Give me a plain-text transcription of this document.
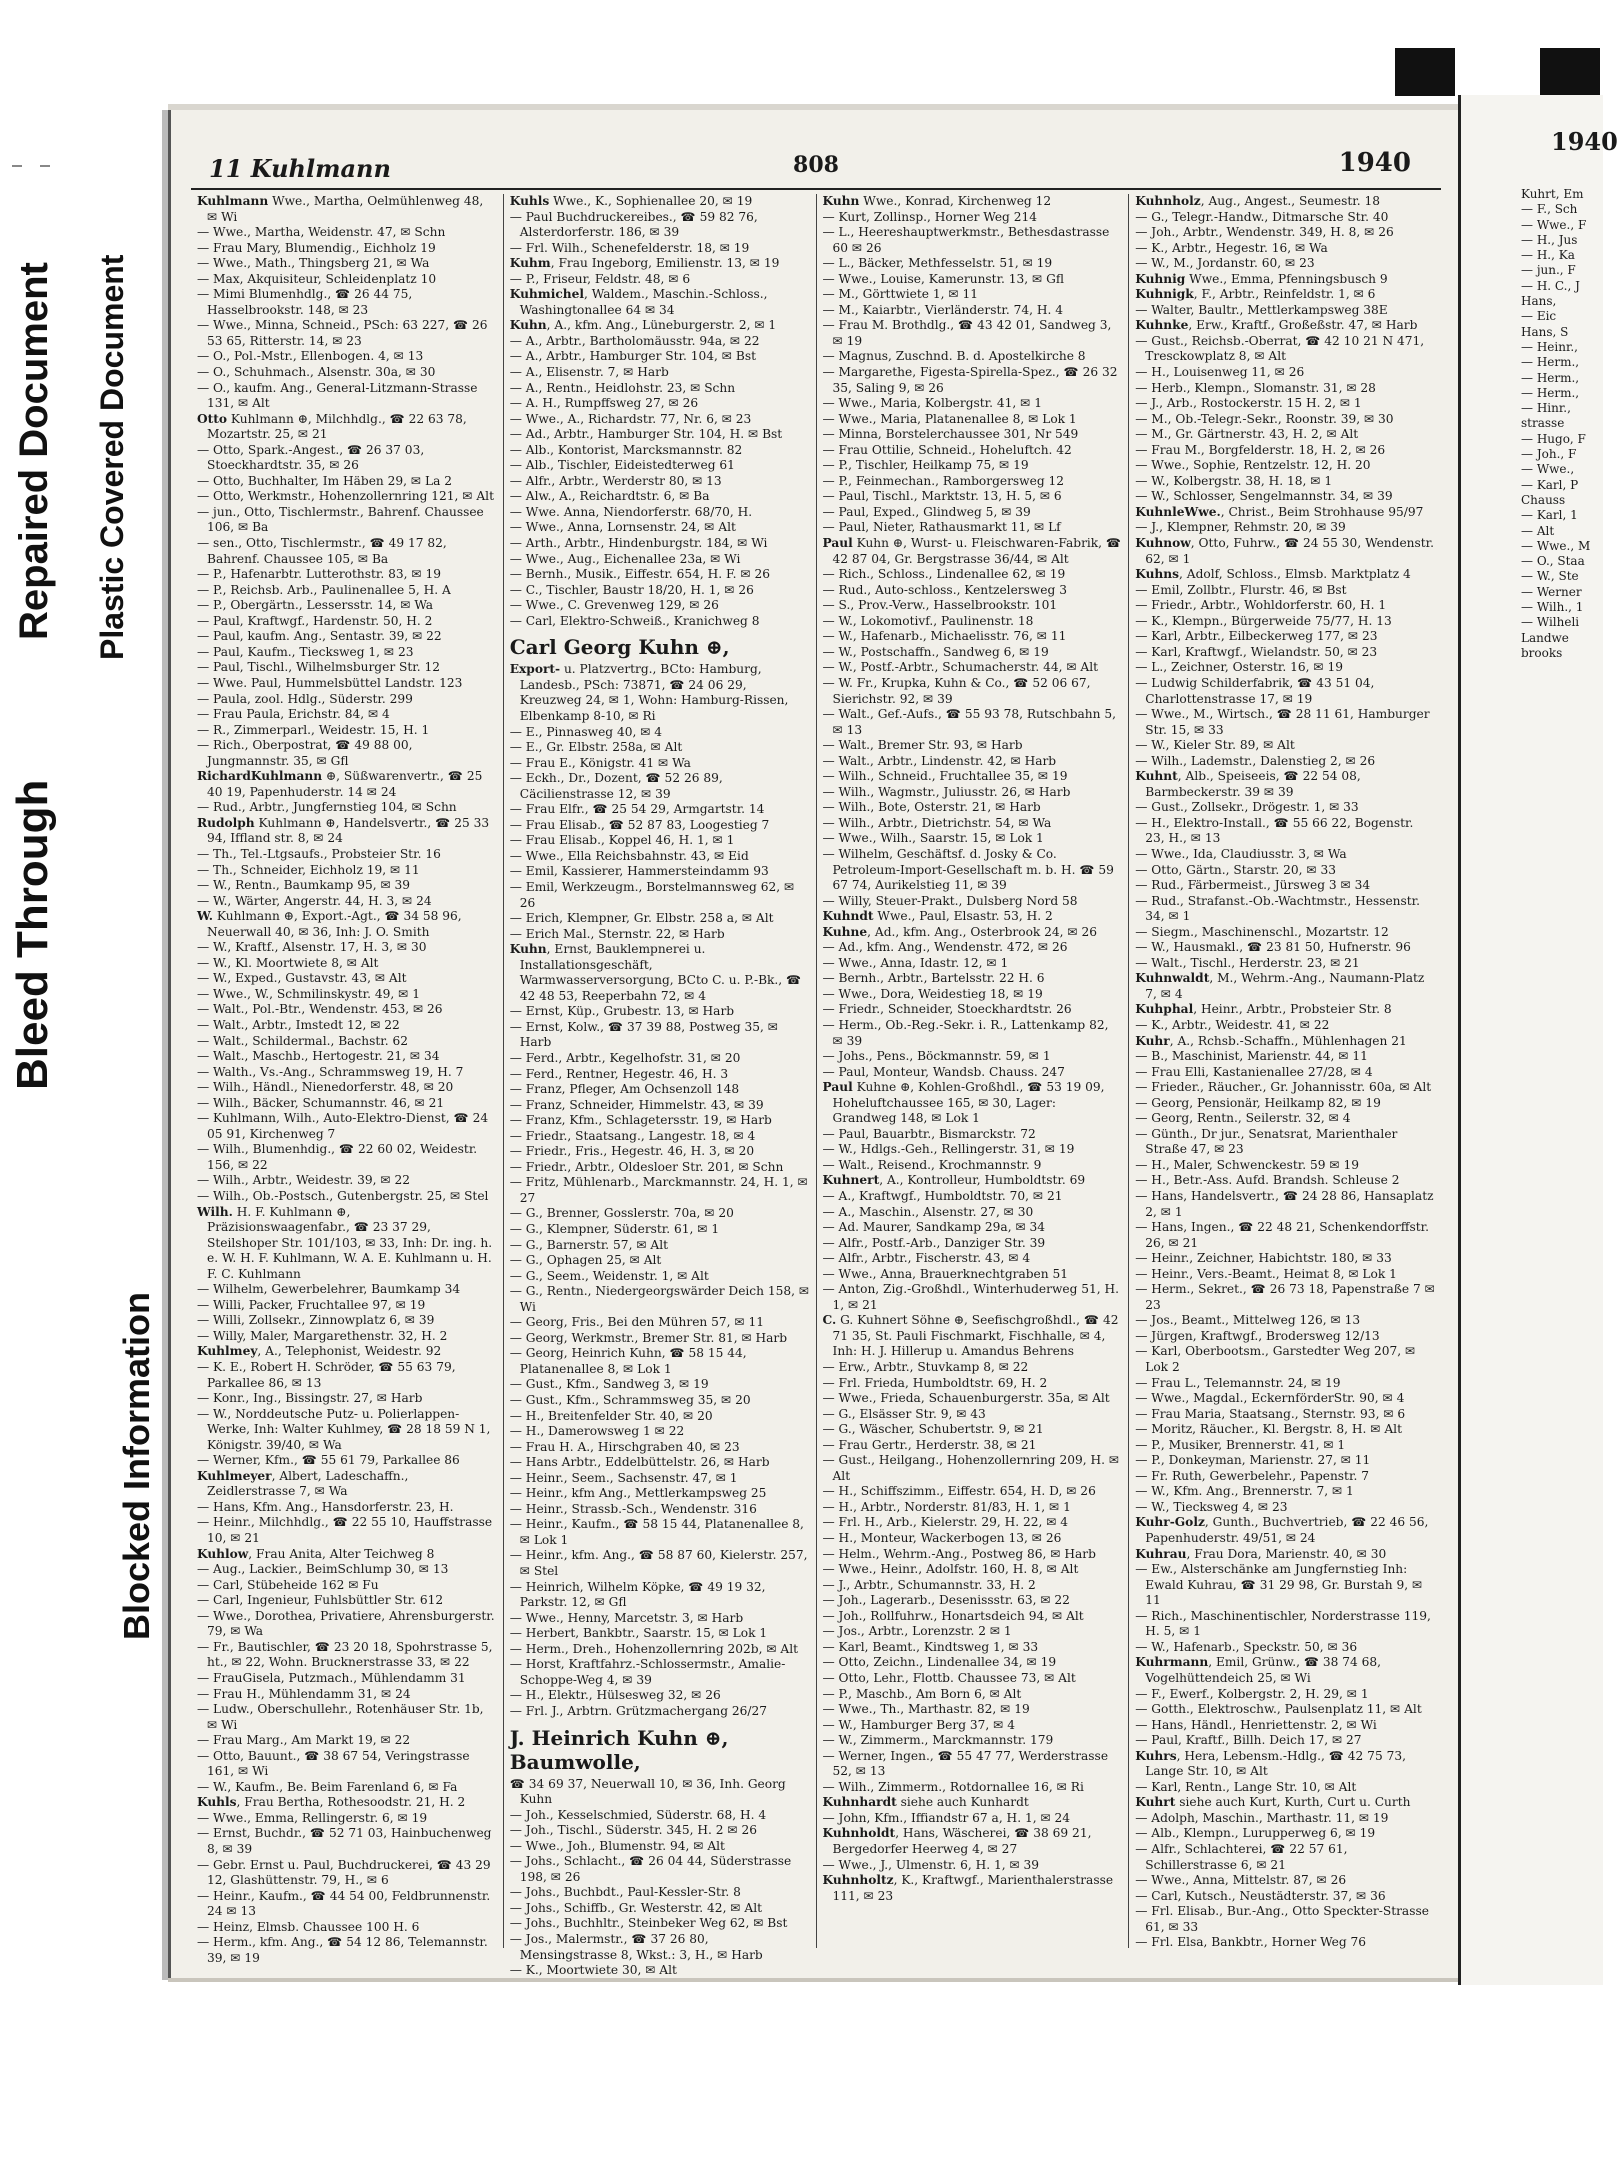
Bleed Through
Repaired Document Plastic Covered Document
Blocked Information
11 Kuhlmann	808	1940
Kuhlmann Wwe., Martha, Oelmühlenweg 48, ✉ Wi
— Wwe., Martha, Weidenstr. 47, ✉ Schn
— Frau Mary, Blumendig., Eichholz 19
— Wwe., Math., Thingsberg 21, ✉ Wa
— Max, Akquisiteur, Schleidenplatz 10
— Mimi Blumenhdlg., ☎ 26 44 75, Hasselbrookstr. 148, ✉ 23
— Wwe., Minna, Schneid., PSch: 63 227, ☎ 26 53 65, Ritterstr. 14, ✉ 23
— O., Pol.-Mstr., Ellenbogen. 4, ✉ 13
— O., Schuhmach., Alsenstr. 30a, ✉ 30
— O., kaufm. Ang., General-Litzmann-Strasse 131, ✉ Alt
Otto Kuhlmann ⊕, Milchhdlg., ☎ 22 63 78, Mozartstr. 25, ✉ 21
— Otto, Spark.-Angest., ☎ 26 37 03, Stoeckhardtstr. 35, ✉ 26
— Otto, Buchhalter, Im Häben 29, ✉ La 2
— Otto, Werkmstr., Hohenzollernring 121, ✉ Alt
— jun., Otto, Tischlermstr., Bahrenf. Chaussee 106, ✉ Ba
— sen., Otto, Tischlermstr., ☎ 49 17 82, Bahrenf. Chaussee 105, ✉ Ba
— P., Hafenarbtr. Lutterothstr. 83, ✉ 19
— P., Reichsb. Arb., Paulinenallee 5, H. A
— P., Obergärtn., Lessersstr. 14, ✉ Wa
— Paul, Kraftwgf., Hardenstr. 50, H. 2
— Paul, kaufm. Ang., Sentastr. 39, ✉ 22
— Paul, Kaufm., Tiecksweg 1, ✉ 23
— Paul, Tischl., Wilhelmsburger Str. 12
— Wwe. Paul, Hummelsbüttel Landstr. 123
— Paula, zool. Hdlg., Süderstr. 299
— Frau Paula, Erichstr. 84, ✉ 4
— R., Zimmerparl., Weidestr. 15, H. 1
— Rich., Oberpostrat, ☎ 49 88 00, Jungmannstr. 35, ✉ Gfl
RichardKuhlmann ⊕, Süßwarenvertr., ☎ 25 40 19, Papenhuderstr. 14 ✉ 24
— Rud., Arbtr., Jungfernstieg 104, ✉ Schn
Rudolph Kuhlmann ⊕, Handelsvertr., ☎ 25 33 94, Iffland str. 8, ✉ 24
— Th., Tel.-Ltgsaufs., Probsteier Str. 16
— Th., Schneider, Eichholz 19, ✉ 11
— W., Rentn., Baumkamp 95, ✉ 39
— W., Wärter, Angerstr. 44, H. 3, ✉ 24
W. Kuhlmann ⊕, Export.-Agt., ☎ 34 58 96, Neuerwall 40, ✉ 36, Inh: J. O. Smith
— W., Kraftf., Alsenstr. 17, H. 3, ✉ 30
— W., Kl. Moortwiete 8, ✉ Alt
— W., Exped., Gustavstr. 43, ✉ Alt
— Wwe., W., Schmilinskystr. 49, ✉ 1
— Walt., Pol.-Btr., Wendenstr. 453, ✉ 26
— Walt., Arbtr., Imstedt 12, ✉ 22
— Walt., Schildermal., Bachstr. 62
— Walt., Maschb., Hertogestr. 21, ✉ 34
— Walth., Vs.-Ang., Schrammsweg 19, H. 7
— Wilh., Händl., Nienedorferstr. 48, ✉ 20
— Wilh., Bäcker, Schumannstr. 46, ✉ 21
— Kuhlmann, Wilh., Auto-Elektro-Dienst, ☎ 24 05 91, Kirchenweg 7
— Wilh., Blumenhdig., ☎ 22 60 02, Weidestr. 156, ✉ 22
— Wilh., Arbtr., Weidestr. 39, ✉ 22
— Wilh., Ob.-Postsch., Gutenbergstr. 25, ✉ Stel
Wilh. H. F. Kuhlmann ⊕, Präzisionswaagenfabr., ☎ 23 37 29, Steilshoper Str. 101/103, ✉ 33, Inh: Dr. ing. h. e. W. H. F. Kuhlmann, W. A. E. Kuhlmann u. H. F. C. Kuhlmann
— Wilhelm, Gewerbelehrer, Baumkamp 34
— Willi, Packer, Fruchtallee 97, ✉ 19
— Willi, Zollsekr., Zinnowplatz 6, ✉ 39
— Willy, Maler, Margarethenstr. 32, H. 2
Kuhlmey, A., Telephonist, Weidestr. 92
— K. E., Robert H. Schröder, ☎ 55 63 79, Parkallee 86, ✉ 13
— Konr., Ing., Bissingstr. 27, ✉ Harb
— W., Norddeutsche Putz- u. Polierlappen-Werke, Inh: Walter Kuhlmey, ☎ 28 18 59 N 1, Königstr. 39/40, ✉ Wa
— Werner, Kfm., ☎ 55 61 79, Parkallee 86
Kuhlmeyer, Albert, Ladeschaffn., Zeidlerstrasse 7, ✉ Wa
— Hans, Kfm. Ang., Hansdorferstr. 23, H.
— Heinr., Milchhdlg., ☎ 22 55 10, Hauffstrasse 10, ✉ 21
Kuhlow, Frau Anita, Alter Teichweg 8
— Aug., Lackier., BeimSchlump 30, ✉ 13
— Carl, Stübeheide 162 ✉ Fu
— Carl, Ingenieur, Fuhlsbüttler Str. 612
— Wwe., Dorothea, Privatiere, Ahrensburgerstr. 79, ✉ Wa
— Fr., Bautischler, ☎ 23 20 18, Spohrstrasse 5, ht., ✉ 22, Wohn. Brucknerstrasse 33, ✉ 22
— FrauGisela, Putzmach., Mühlendamm 31
— Frau H., Mühlendamm 31, ✉ 24
— Ludw., Oberschullehr., Rotenhäuser Str. 1b, ✉ Wi
— Frau Marg., Am Markt 19, ✉ 22
— Otto, Bauunt., ☎ 38 67 54, Veringstrasse 161, ✉ Wi
— W., Kaufm., Be. Beim Farenland 6, ✉ Fa
Kuhls, Frau Bertha, Rothesoodstr. 21, H. 2
— Wwe., Emma, Rellingerstr. 6, ✉ 19
— Ernst, Buchdr., ☎ 52 71 03, Hainbuchenweg 8, ✉ 39
— Gebr. Ernst u. Paul, Buchdruckerei, ☎ 43 29 12, Glashüttenstr. 79, H., ✉ 6
— Heinr., Kaufm., ☎ 44 54 00, Feldbrunnenstr. 24 ✉ 13
— Heinz, Elmsb. Chaussee 100 H. 6
— Herm., kfm. Ang., ☎ 54 12 86, Telemannstr. 39, ✉ 19
Kuhls Wwe., K., Sophienallee 20, ✉ 19
— Paul Buchdruckereibes., ☎ 59 82 76, Alsterdorferstr. 186, ✉ 39
— Frl. Wilh., Schenefelderstr. 18, ✉ 19
Kuhm, Frau Ingeborg, Emilienstr. 13, ✉ 19
— P., Friseur, Feldstr. 48, ✉ 6
Kuhmichel, Waldem., Maschin.-Schloss., Washingtonallee 64 ✉ 34
Kuhn, A., kfm. Ang., Lüneburgerstr. 2, ✉ 1
— A., Arbtr., Bartholomäusstr. 94a, ✉ 22
— A., Arbtr., Hamburger Str. 104, ✉ Bst
— A., Elisenstr. 7, ✉ Harb
— A., Rentn., Heidlohstr. 23, ✉ Schn
— A. H., Rumpffsweg 27, ✉ 26
— Wwe., A., Richardstr. 77, Nr. 6, ✉ 23
— Ad., Arbtr., Hamburger Str. 104, H. ✉ Bst
— Alb., Kontorist, Marcksmannstr. 82
— Alb., Tischler, Eideistedterweg 61
— Alfr., Arbtr., Werderstr 80, ✉ 13
— Alw., A., Reichardtstr. 6, ✉ Ba
— Wwe. Anna, Niendorferstr. 68/70, H.
— Wwe., Anna, Lornsenstr. 24, ✉ Alt
— Arth., Arbtr., Hindenburgstr. 184, ✉ Wi
— Wwe., Aug., Eichenallee 23a, ✉ Wi
— Bernh., Musik., Eiffestr. 654, H. F. ✉ 26
— C., Tischler, Baustr 18/20, H. 1, ✉ 26
— Wwe., C. Grevenweg 129, ✉ 26
— Carl, Elektro-Schweiß., Kranichweg 8
Carl Georg Kuhn ⊕,
Export- u. Platzvertrg., BCto: Hamburg, Landesb., PSch: 73871, ☎ 24 06 29, Kreuzweg 24, ✉ 1, Wohn: Hamburg-Rissen, Elbenkamp 8-10, ✉ Ri
— E., Pinnasweg 40, ✉ 4
— E., Gr. Elbstr. 258a, ✉ Alt
— Frau E., Königstr. 41 ✉ Wa
— Eckh., Dr., Dozent, ☎ 52 26 89, Cäcilienstrasse 12, ✉ 39
— Frau Elfr., ☎ 25 54 29, Armgartstr. 14
— Frau Elisab., ☎ 52 87 83, Loogestieg 7
— Frau Elisab., Koppel 46, H. 1, ✉ 1
— Wwe., Ella Reichsbahnstr. 43, ✉ Eid
— Emil, Kassierer, Hammersteindamm 93
— Emil, Werkzeugm., Borstelmannsweg 62, ✉ 26
— Erich, Klempner, Gr. Elbstr. 258 a, ✉ Alt
— Erich Mal., Sternstr. 22, ✉ Harb
Kuhn, Ernst, Bauklempnerei u. Installationsgeschäft, Warmwasserversorgung, BCto C. u. P.-Bk., ☎ 42 48 53, Reeperbahn 72, ✉ 4
— Ernst, Küp., Grubestr. 13, ✉ Harb
— Ernst, Kolw., ☎ 37 39 88, Postweg 35, ✉ Harb
— Ferd., Arbtr., Kegelhofstr. 31, ✉ 20
— Ferd., Rentner, Hegestr. 46, H. 3
— Franz, Pfleger, Am Ochsenzoll 148
— Franz, Schneider, Himmelstr. 43, ✉ 39
— Franz, Kfm., Schlagetersstr. 19, ✉ Harb
— Friedr., Staatsang., Langestr. 18, ✉ 4
— Friedr., Fris., Hegestr. 46, H. 3, ✉ 20
— Friedr., Arbtr., Oldesloer Str. 201, ✉ Schn
— Fritz, Mühlenarb., Marckmannstr. 24, H. 1, ✉ 27
— G., Brenner, Gosslerstr. 70a, ✉ 20
— G., Klempner, Süderstr. 61, ✉ 1
— G., Barnerstr. 57, ✉ Alt
— G., Ophagen 25, ✉ Alt
— G., Seem., Weidenstr. 1, ✉ Alt
— G., Rentn., Niedergeorgswärder Deich 158, ✉ Wi
— Georg, Fris., Bei den Mühren 57, ✉ 11
— Georg, Werkmstr., Bremer Str. 81, ✉ Harb
— Georg, Heinrich Kuhn, ☎ 58 15 44, Platanenallee 8, ✉ Lok 1
— Gust., Kfm., Sandweg 3, ✉ 19
— Gust., Kfm., Schrammsweg 35, ✉ 20
— H., Breitenfelder Str. 40, ✉ 20
— H., Damerowsweg 1 ✉ 22
— Frau H. A., Hirschgraben 40, ✉ 23
— Hans Arbtr., Eddelbüttelstr. 26, ✉ Harb
— Heinr., Seem., Sachsenstr. 47, ✉ 1
— Heinr., kfm Ang., Mettlerkampsweg 25
— Heinr., Strassb.-Sch., Wendenstr. 316
— Heinr., Kaufm., ☎ 58 15 44, Platanenallee 8, ✉ Lok 1
— Heinr., kfm. Ang., ☎ 58 87 60, Kielerstr. 257, ✉ Stel
— Heinrich, Wilhelm Köpke, ☎ 49 19 32, Parkstr. 12, ✉ Gfl
— Wwe., Henny, Marcetstr. 3, ✉ Harb
— Herbert, Bankbtr., Saarstr. 15, ✉ Lok 1
— Herm., Dreh., Hohenzollernring 202b, ✉ Alt
— Horst, Kraftfahrz.-Schlossermstr., Amalie-Schoppe-Weg 4, ✉ 39
— H., Elektr., Hülsesweg 32, ✉ 26
— Frl. J., Arbtrn. Grützmachergang 26/27
J. Heinrich Kuhn ⊕, Baumwolle,
☎ 34 69 37, Neuerwall 10, ✉ 36, Inh. Georg Kuhn
— Joh., Kesselschmied, Süderstr. 68, H. 4
— Joh., Tischl., Süderstr. 345, H. 2 ✉ 26
— Wwe., Joh., Blumenstr. 94, ✉ Alt
— Johs., Schlacht., ☎ 26 04 44, Süderstrasse 198, ✉ 26
— Johs., Buchbdt., Paul-Kessler-Str. 8
— Johs., Schiffb., Gr. Westerstr. 42, ✉ Alt
— Johs., Buchhltr., Steinbeker Weg 62, ✉ Bst
— Jos., Malermstr., ☎ 37 26 80, Mensingstrasse 8, Wkst.: 3, H., ✉ Harb
— K., Moortwiete 30, ✉ Alt
Kuhn Wwe., Konrad, Kirchenweg 12
— Kurt, Zollinsp., Horner Weg 214
— L., Heereshauptwerkmstr., Bethesdastrasse 60 ✉ 26
— L., Bäcker, Methfesselstr. 51, ✉ 19
— Wwe., Louise, Kamerunstr. 13, ✉ Gfl
— M., Görttwiete 1, ✉ 11
— M., Kaiarbtr., Vierländerstr. 74, H. 4
— Frau M. Brothdlg., ☎ 43 42 01, Sandweg 3, ✉ 19
— Magnus, Zuschnd. B. d. Apostelkirche 8
— Margarethe, Figesta-Spirella-Spez., ☎ 26 32 35, Saling 9, ✉ 26
— Wwe., Maria, Kolbergstr. 41, ✉ 1
— Wwe., Maria, Platanenallee 8, ✉ Lok 1
— Minna, Borstelerchaussee 301, Nr 549
— Frau Ottilie, Schneid., Hoheluftch. 42
— P., Tischler, Heilkamp 75, ✉ 19
— P., Feinmechan., Ramborgersweg 12
— Paul, Tischl., Marktstr. 13, H. 5, ✉ 6
— Paul, Exped., Glindweg 5, ✉ 39
— Paul, Nieter, Rathausmarkt 11, ✉ Lf
Paul Kuhn ⊕, Wurst- u. Fleischwaren-Fabrik, ☎ 42 87 04, Gr. Bergstrasse 36/44, ✉ Alt
— Rich., Schloss., Lindenallee 62, ✉ 19
— Rud., Auto-schloss., Kentzelersweg 3
— S., Prov.-Verw., Hasselbrookstr. 101
— W., Lokomotivf., Paulinenstr. 18
— W., Hafenarb., Michaelisstr. 76, ✉ 11
— W., Postschaffn., Sandweg 6, ✉ 19
— W., Postf.-Arbtr., Schumacherstr. 44, ✉ Alt
— W. Fr., Krupka, Kuhn & Co., ☎ 52 06 67, Sierichstr. 92, ✉ 39
— Walt., Gef.-Aufs., ☎ 55 93 78, Rutschbahn 5, ✉ 13
— Walt., Bremer Str. 93, ✉ Harb
— Walt., Arbtr., Lindenstr. 42, ✉ Harb
— Wilh., Schneid., Fruchtallee 35, ✉ 19
— Wilh., Wagmstr., Juliusstr. 26, ✉ Harb
— Wilh., Bote, Osterstr. 21, ✉ Harb
— Wilh., Arbtr., Dietrichstr. 54, ✉ Wa
— Wwe., Wilh., Saarstr. 15, ✉ Lok 1
— Wilhelm, Geschäftsf. d. Josky & Co. Petroleum-Import-Gesellschaft m. b. H. ☎ 59 67 74, Aurikelstieg 11, ✉ 39
— Willy, Steuer-Prakt., Dulsberg Nord 58
Kuhndt Wwe., Paul, Elsastr. 53, H. 2
Kuhne, Ad., kfm. Ang., Osterbrook 24, ✉ 26
— Ad., kfm. Ang., Wendenstr. 472, ✉ 26
— Wwe., Anna, Idastr. 12, ✉ 1
— Bernh., Arbtr., Bartelsstr. 22 H. 6
— Wwe., Dora, Weidestieg 18, ✉ 19
— Friedr., Schneider, Stoeckhardtstr. 26
— Herm., Ob.-Reg.-Sekr. i. R., Lattenkamp 82, ✉ 39
— Johs., Pens., Böckmannstr. 59, ✉ 1
— Paul, Monteur, Wandsb. Chauss. 247
Paul Kuhne ⊕, Kohlen-Großhdl., ☎ 53 19 09, Hoheluftchaussee 165, ✉ 30, Lager: Grandweg 148, ✉ Lok 1
— Paul, Bauarbtr., Bismarckstr. 72
— W., Hdlgs.-Geh., Rellingerstr. 31, ✉ 19
— Walt., Reisend., Krochmannstr. 9
Kuhnert, A., Kontrolleur, Humboldtstr. 69
— A., Kraftwgf., Humboldtstr. 70, ✉ 21
— A., Maschin., Alsenstr. 27, ✉ 30
— Ad. Maurer, Sandkamp 29a, ✉ 34
— Alfr., Postf.-Arb., Danziger Str. 39
— Alfr., Arbtr., Fischerstr. 43, ✉ 4
— Wwe., Anna, Brauerknechtgraben 51
— Anton, Zig.-Großhdl., Winterhuderweg 51, H. 1, ✉ 21
C. G. Kuhnert Söhne ⊕, Seefischgroßhdl., ☎ 42 71 35, St. Pauli Fischmarkt, Fischhalle, ✉ 4, Inh: H. J. Hillerup u. Amandus Behrens
— Erw., Arbtr., Stuvkamp 8, ✉ 22
— Frl. Frieda, Humboldtstr. 69, H. 2
— Wwe., Frieda, Schauenburgerstr. 35a, ✉ Alt
— G., Elsässer Str. 9, ✉ 43
— G., Wäscher, Schubertstr. 9, ✉ 21
— Frau Gertr., Herderstr. 38, ✉ 21
— Gust., Heilgang., Hohenzollernring 209, H. ✉ Alt
— H., Schiffszimm., Eiffestr. 654, H. D, ✉ 26
— H., Arbtr., Norderstr. 81/83, H. 1, ✉ 1
— Frl. H., Arb., Kielerstr. 29, H. 22, ✉ 4
— H., Monteur, Wackerbogen 13, ✉ 26
— Helm., Wehrm.-Ang., Postweg 86, ✉ Harb
— Wwe., Heinr., Adolfstr. 160, H. 8, ✉ Alt
— J., Arbtr., Schumannstr. 33, H. 2
— Joh., Lagerarb., Desenissstr. 63, ✉ 22
— Joh., Rollfuhrw., Honartsdeich 94, ✉ Alt
— Jos., Arbtr., Lorenzstr. 2 ✉ 1
— Karl, Beamt., Kindtsweg 1, ✉ 33
— Otto, Zeichn., Lindenallee 34, ✉ 19
— Otto, Lehr., Flottb. Chaussee 73, ✉ Alt
— P., Maschb., Am Born 6, ✉ Alt
— Wwe., Th., Marthastr. 82, ✉ 19
— W., Hamburger Berg 37, ✉ 4
— W., Zimmerm., Marckmannstr. 179
— Werner, Ingen., ☎ 55 47 77, Werderstrasse 52, ✉ 13
— Wilh., Zimmerm., Rotdornallee 16, ✉ Ri
Kuhnhardt siehe auch Kunhardt
— John, Kfm., Iffiandstr 67 a, H. 1, ✉ 24
Kuhnholdt, Hans, Wäscherei, ☎ 38 69 21, Bergedorfer Heerweg 4, ✉ 27
— Wwe., J., Ulmenstr. 6, H. 1, ✉ 39
Kuhnholtz, K., Kraftwgf., Marienthalerstrasse 111, ✉ 23
Kuhnholz, Aug., Angest., Seumestr. 18
— G., Telegr.-Handw., Ditmarsche Str. 40
— Joh., Arbtr., Wendenstr. 349, H. 8, ✉ 26
— K., Arbtr., Hegestr. 16, ✉ Wa
— W., M., Jordanstr. 60, ✉ 23
Kuhnig Wwe., Emma, Pfenningsbusch 9
Kuhnigk, F., Arbtr., Reinfeldstr. 1, ✉ 6
— Walter, Baultr., Mettlerkampsweg 38E
Kuhnke, Erw., Kraftf., Großeßstr. 47, ✉ Harb
— Gust., Reichsb.-Oberrat, ☎ 42 10 21 N 471, Tresckowplatz 8, ✉ Alt
— H., Louisenweg 11, ✉ 26
— Herb., Klempn., Slomanstr. 31, ✉ 28
— J., Arb., Rostockerstr. 15 H. 2, ✉ 1
— M., Ob.-Telegr.-Sekr., Roonstr. 39, ✉ 30
— M., Gr. Gärtnerstr. 43, H. 2, ✉ Alt
— Frau M., Borgfelderstr. 18, H. 2, ✉ 26
— Wwe., Sophie, Rentzelstr. 12, H. 20
— W., Kolbergstr. 38, H. 18, ✉ 1
— W., Schlosser, Sengelmannstr. 34, ✉ 39
KuhnleWwe., Christ., Beim Strohhause 95/97
— J., Klempner, Rehmstr. 20, ✉ 39
Kuhnow, Otto, Fuhrw., ☎ 24 55 30, Wendenstr. 62, ✉ 1
Kuhns, Adolf, Schloss., Elmsb. Marktplatz 4
— Emil, Zollbtr., Flurstr. 46, ✉ Bst
— Friedr., Arbtr., Wohldorferstr. 60, H. 1
— K., Klempn., Bürgerweide 75/77, H. 13
— Karl, Arbtr., Eilbeckerweg 177, ✉ 23
— Karl, Kraftwgf., Wielandstr. 50, ✉ 23
— L., Zeichner, Osterstr. 16, ✉ 19
— Ludwig Schilderfabrik, ☎ 43 51 04, Charlottenstrasse 17, ✉ 19
— Wwe., M., Wirtsch., ☎ 28 11 61, Hamburger Str. 15, ✉ 33
— W., Kieler Str. 89, ✉ Alt
— Wilh., Lademstr., Dalenstieg 2, ✉ 26
Kuhnt, Alb., Speiseeis, ☎ 22 54 08, Barmbeckerstr. 39 ✉ 39
— Gust., Zollsekr., Drögestr. 1, ✉ 33
— H., Elektro-Install., ☎ 55 66 22, Bogenstr. 23, H., ✉ 13
— Wwe., Ida, Claudiusstr. 3, ✉ Wa
— Otto, Gärtn., Starstr. 20, ✉ 33
— Rud., Färbermeist., Jürsweg 3 ✉ 34
— Rud., Strafanst.-Ob.-Wachtmstr., Hessenstr. 34, ✉ 1
— Siegm., Maschinenschl., Mozartstr. 12
— W., Hausmakl., ☎ 23 81 50, Hufnerstr. 96
— Walt., Tischl., Herderstr. 23, ✉ 21
Kuhnwaldt, M., Wehrm.-Ang., Naumann-Platz 7, ✉ 4
Kuhphal, Heinr., Arbtr., Probsteier Str. 8
— K., Arbtr., Weidestr. 41, ✉ 22
Kuhr, A., Rchsb.-Schaffn., Mühlenhagen 21
— B., Maschinist, Marienstr. 44, ✉ 11
— Frau Elli, Kastanienallee 27/28, ✉ 4
— Frieder., Räucher., Gr. Johannisstr. 60a, ✉ Alt
— Georg, Pensionär, Heilkamp 82, ✉ 19
— Georg, Rentn., Seilerstr. 32, ✉ 4
— Günth., Dr jur., Senatsrat, Marienthaler Straße 47, ✉ 23
— H., Maler, Schwenckestr. 59 ✉ 19
— H., Betr.-Ass. Aufd. Brandsh. Schleuse 2
— Hans, Handelsvertr., ☎ 24 28 86, Hansaplatz 2, ✉ 1
— Hans, Ingen., ☎ 22 48 21, Schenkendorffstr. 26, ✉ 21
— Heinr., Zeichner, Habichtstr. 180, ✉ 33
— Heinr., Vers.-Beamt., Heimat 8, ✉ Lok 1
— Herm., Sekret., ☎ 26 73 18, Papenstraße 7 ✉ 23
— Jos., Beamt., Mittelweg 126, ✉ 13
— Jürgen, Kraftwgf., Brodersweg 12/13
— Karl, Oberbootsm., Garstedter Weg 207, ✉ Lok 2
— Frau L., Telemannstr. 24, ✉ 19
— Wwe., Magdal., EckernförderStr. 90, ✉ 4
— Frau Maria, Staatsang., Sternstr. 93, ✉ 6
— Moritz, Räucher., Kl. Bergstr. 8, H. ✉ Alt
— P., Musiker, Brennerstr. 41, ✉ 1
— P., Donkeyman, Marienstr. 27, ✉ 11
— Fr. Ruth, Gewerbelehr., Papenstr. 7
— W., Kfm. Ang., Brennerstr. 7, ✉ 1
— W., Tiecksweg 4, ✉ 23
Kuhr-Golz, Gunth., Buchvertrieb, ☎ 22 46 56, Papenhuderstr. 49/51, ✉ 24
Kuhrau, Frau Dora, Marienstr. 40, ✉ 30
— Ew., Alsterschänke am Jungfernstieg Inh: Ewald Kuhrau, ☎ 31 29 98, Gr. Burstah 9, ✉ 11
— Rich., Maschinentischler, Norderstrasse 119, H. 5, ✉ 1
— W., Hafenarb., Speckstr. 50, ✉ 36
Kuhrmann, Emil, Grünw., ☎ 38 74 68, Vogelhüttendeich 25, ✉ Wi
— F., Ewerf., Kolbergstr. 2, H. 29, ✉ 1
— Gotth., Elektroschw., Paulsenplatz 11, ✉ Alt
— Hans, Händl., Henriettenstr. 2, ✉ Wi
— Paul, Kraftf., Billh. Deich 17, ✉ 27
Kuhrs, Hera, Lebensm.-Hdlg., ☎ 42 75 73, Lange Str. 10, ✉ Alt
— Karl, Rentn., Lange Str. 10, ✉ Alt
Kuhrt siehe auch Kurt, Kurth, Curt u. Curth
— Adolph, Maschin., Marthastr. 11, ✉ 19
— Alb., Klempn., Lurupperweg 6, ✉ 19
— Alfr., Schlachterei, ☎ 22 57 61, Schillerstrasse 6, ✉ 21
— Wwe., Anna, Mittelstr. 87, ✉ 26
— Carl, Kutsch., Neustädterstr. 37, ✉ 36
— Frl. Elisab., Bur.-Ang., Otto Speckter-Strasse 61, ✉ 33
— Frl. Elsa, Bankbtr., Horner Weg 76
1940
Kuhrt, Em
— F., Sch
— Wwe., F
— H., Jus
— H., Ka
— jun., F
— H. C., J
Hans,
— Eic
Hans, S
— Heinr.,
— Herm.,
— Herm.,
— Herm.,
— Hinr.,
strasse
— Hugo, F
— Joh., F
— Wwe.,
— Karl, P
Chauss
— Karl, 1
— Alt
— Wwe., M
— O., Staa
— W., Ste
— Werner
— Wilh., 1
— Wilheli
Landwe
brooks
